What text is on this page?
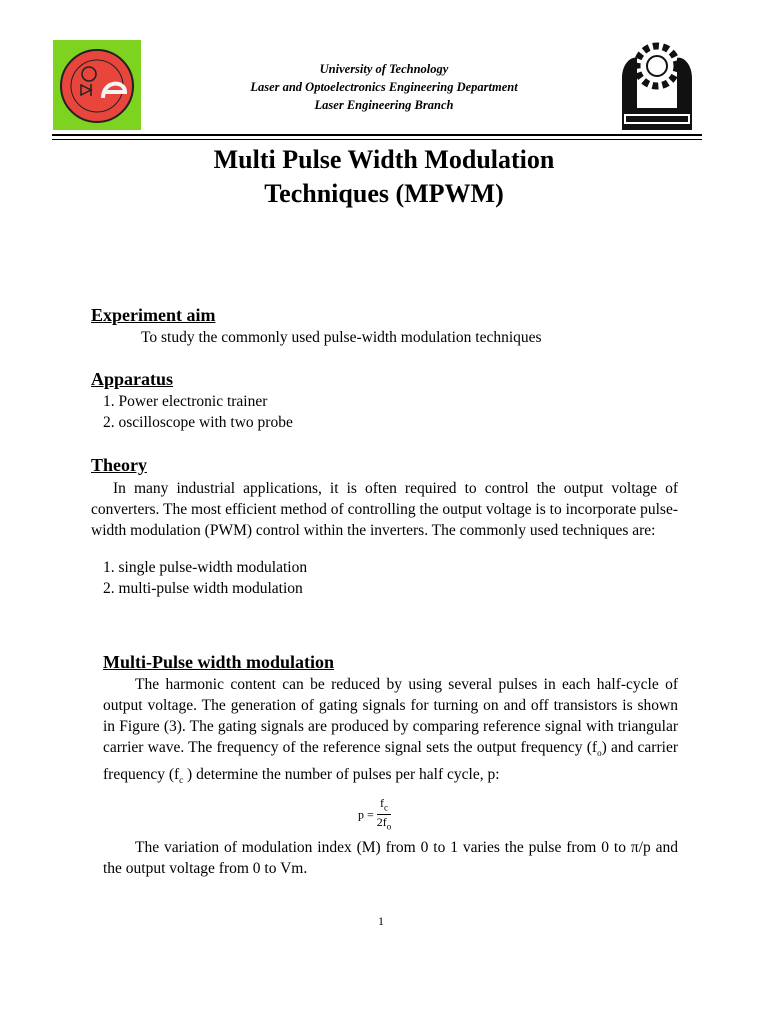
University of Technology
Laser and Optoelectronics Engineering Department
Laser Engineering Branch
Multi Pulse Width Modulation
Techniques (MPWM)
Experiment aim
To study the commonly used pulse-width modulation techniques
Apparatus
1. Power electronic trainer
2. oscilloscope with two probe
Theory
In many industrial applications, it is often required to control the output voltage of converters. The most efficient method of controlling the output voltage is to incorporate pulse-width modulation (PWM) control within the inverters. The commonly used techniques are:
1. single pulse-width modulation
2. multi-pulse width modulation
Multi-Pulse width modulation
The harmonic content can be reduced by using several pulses in each half-cycle of output voltage. The generation of gating signals for turning on and off transistors is shown in Figure (3). The gating signals are produced by comparing reference signal with triangular carrier wave. The frequency of the reference signal sets the output frequency $(f_o)$ and carrier frequency ($f_c$ ) determine the number of pulses per half cycle, p:
$p = \frac{f_c}{2f_o}$
The variation of modulation index (M) from 0 to 1 varies the pulse from 0 to π/p and the output voltage from 0 to Vm.
1
